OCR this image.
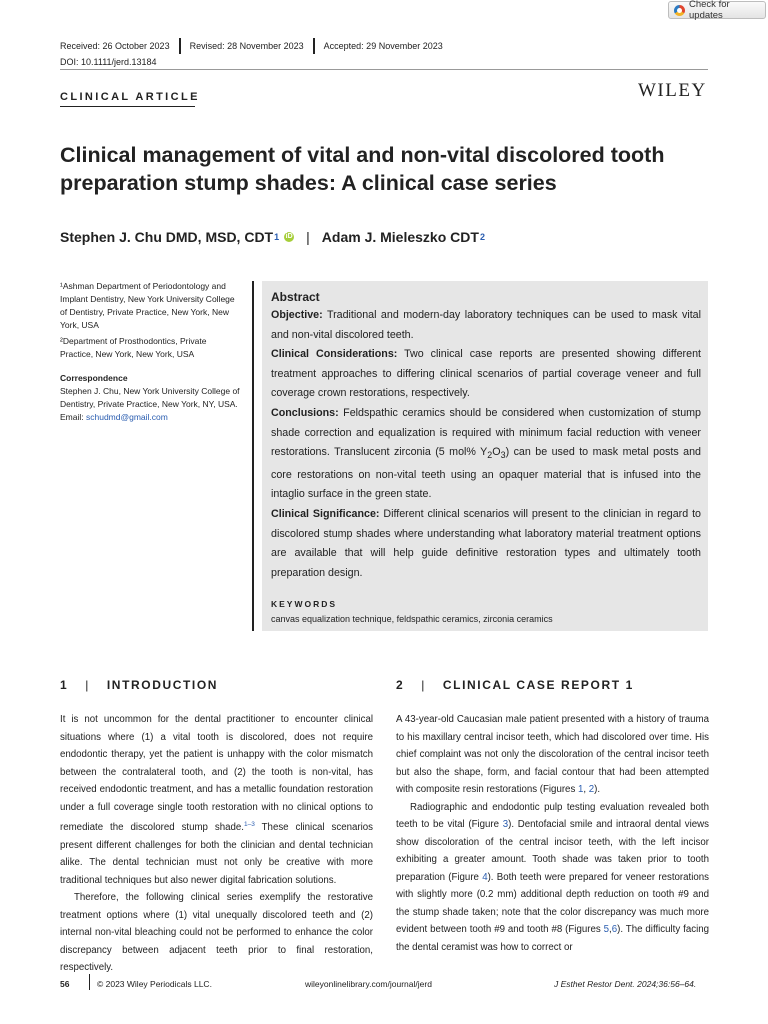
Check for updates
Received: 26 October 2023 Revised: 28 November 2023 Accepted: 29 November 2023
DOI: 10.1111/jerd.13184
CLINICAL ARTICLE	WILEY
Clinical management of vital and non-vital discolored tooth preparation stump shades: A clinical case series
Stephen J. Chu DMD, MSD, CDT 1 iD | Adam J. Mieleszko CDT 2

¹Ashman Department of Periodontology and Implant Dentistry, New York University College of Dentistry, Private Practice, New York, New York, USA

²Department of Prosthodontics, Private Practice, New York, New York, USA

Correspondence

Stephen J. Chu, New York University College of Dentistry, Private Practice, New York, NY, USA.

Email: schudmd@gmail.com

Abstract

Objective: Traditional and modern-day laboratory techniques can be used to mask vital and non-vital discolored teeth.

Clinical Considerations: Two clinical case reports are presented showing different treatment approaches to differing clinical scenarios of partial coverage veneer and full coverage crown restorations, respectively.

Conclusions: Feldspathic ceramics should be considered when customization of stump shade correction and equalization is required with minimum facial reduction with veneer restorations. Translucent zirconia (5 mol% $Y_2O_3$) can be used to mask metal posts and core restorations on non-vital teeth using an opaquer material that is infused into the intaglio surface in the green state.

Clinical Significance: Different clinical scenarios will present to the clinician in regard to discolored stump shades where understanding what laboratory material treatment options are available that will help guide definitive restoration types and ultimately tooth preparation design.

KEYWORDS
canvas equalization technique, feldspathic ceramics, zirconia ceramics
1 | INTRODUCTION

It is not uncommon for the dental practitioner to encounter clinical situations where (1) a vital tooth is discolored, does not require endodontic therapy, yet the patient is unhappy with the color mismatch between the contralateral tooth, and (2) the tooth is non-vital, has received endodontic treatment, and has a metallic foundation restoration under a full coverage single tooth restoration with no clinical options to remediate the discolored stump shade.$^{1-3}$ These clinical scenarios present different challenges for both the clinician and dental technician alike. The dental technician must not only be creative with more traditional techniques but also newer digital fabrication solutions.

Therefore, the following clinical series exemplify the restorative treatment options where (1) vital unequally discolored teeth and (2) internal non-vital bleaching could not be performed to enhance the color discrepancy between adjacent teeth prior to final restoration, respectively.

2 | CLINICAL CASE REPORT 1

A 43-year-old Caucasian male patient presented with a history of trauma to his maxillary central incisor teeth, which had discolored over time. His chief complaint was not only the discoloration of the central incisor teeth but also the shape, form, and facial contour that had been attempted with composite resin restorations (Figures 1, 2).

Radiographic and endodontic pulp testing evaluation revealed both teeth to be vital (Figure 3). Dentofacial smile and intraoral dental views show discoloration of the central incisor teeth, with the left incisor exhibiting a greater amount. Tooth shade was taken prior to tooth preparation (Figure 4). Both teeth were prepared for veneer restorations with slightly more (0.2 mm) additional depth reduction on tooth #9 and the stump shade taken; note that the color discrepancy was much more evident between tooth #9 and tooth #8 (Figures 5,6). The difficulty facing the dental ceramist was how to correct or

56	© 2023 Wiley Periodicals LLC.	wileyonlinelibrary.com/journal/jerd	J Esthet Restor Dent. 2024;36:56–64.
